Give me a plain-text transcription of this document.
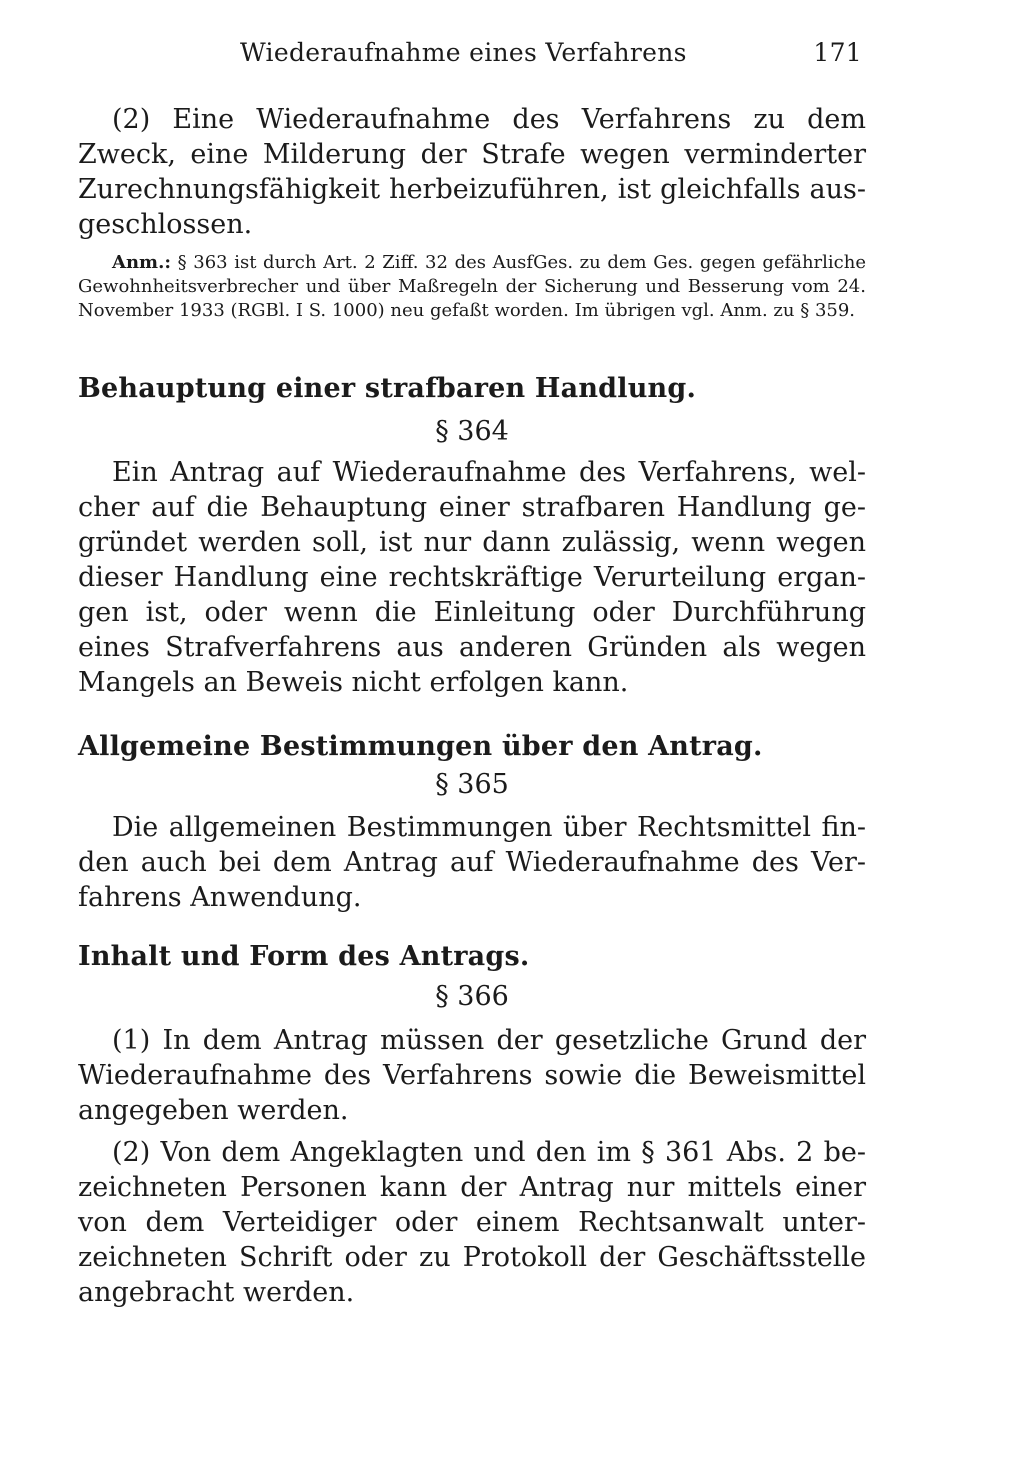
Wiederaufnahme eines Verfahrens	171

(2) Eine Wiederaufnahme des Verfahrens zu dem Zweck, eine Milderung der Strafe wegen verminderter Zurechnungsfähigkeit herbeizuführen, ist gleichfalls ausgeschlossen.

Anm.: § 363 ist durch Art. 2 Ziff. 32 des AusfGes. zu dem Ges. gegen gefährliche Gewohnheitsverbrecher und über Maßregeln der Sicherung und Besserung vom 24. November 1933 (RGBl. I S. 1000) neu gefaßt worden. Im übrigen vgl. Anm. zu § 359.

Behauptung einer strafbaren Handlung.
§ 364

Ein Antrag auf Wiederaufnahme des Verfahrens, welcher auf die Behauptung einer strafbaren Handlung gegründet werden soll, ist nur dann zulässig, wenn wegen dieser Handlung eine rechtskräftige Verurteilung ergangen ist, oder wenn die Einleitung oder Durchführung eines Strafverfahrens aus anderen Gründen als wegen Mangels an Beweis nicht erfolgen kann.

Allgemeine Bestimmungen über den Antrag.
§ 365

Die allgemeinen Bestimmungen über Rechtsmittel finden auch bei dem Antrag auf Wiederaufnahme des Verfahrens Anwendung.

Inhalt und Form des Antrags.
§ 366

(1) In dem Antrag müssen der gesetzliche Grund der Wiederaufnahme des Verfahrens sowie die Beweismittel angegeben werden.

(2) Von dem Angeklagten und den im § 361 Abs. 2 bezeichneten Personen kann der Antrag nur mittels einer von dem Verteidiger oder einem Rechtsanwalt unterzeichneten Schrift oder zu Protokoll der Geschäftsstelle angebracht werden.
